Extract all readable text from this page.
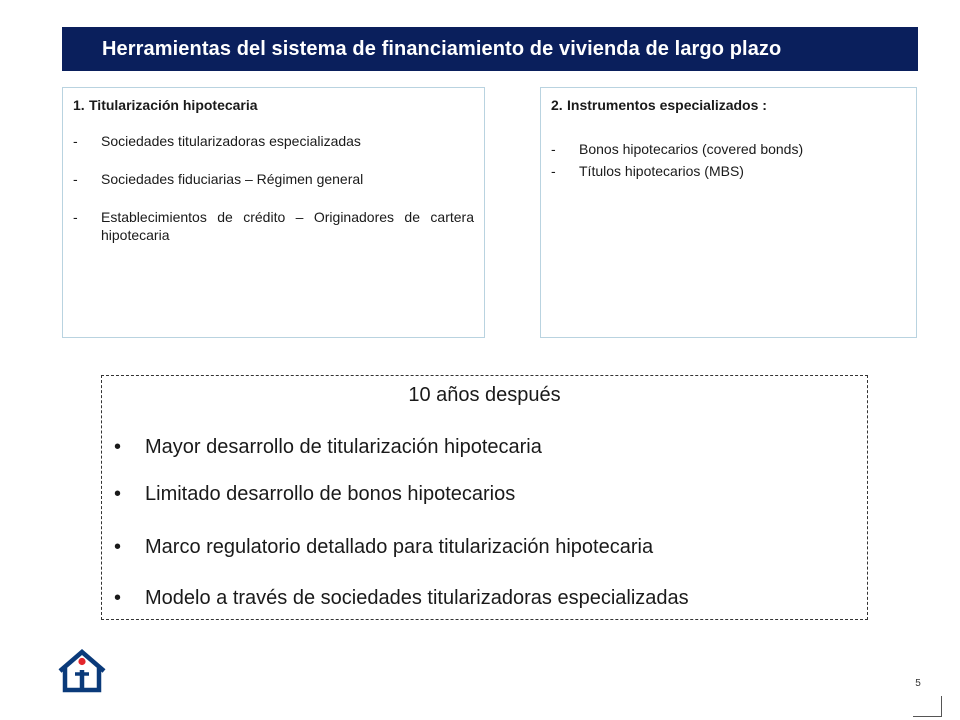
Herramientas del sistema de financiamiento de vivienda de largo plazo
1. Titularización hipotecaria
-	Sociedades titularizadoras especializadas
-	Sociedades fiduciarias – Régimen general
-	Establecimientos de crédito – Originadores de cartera hipotecaria
2. Instrumentos especializados :
-	Bonos hipotecarios (covered bonds)
-	Títulos hipotecarios (MBS)
10 años después
•	Mayor desarrollo de titularización hipotecaria
•	Limitado desarrollo de bonos hipotecarios
•	Marco regulatorio detallado para titularización hipotecaria
•	Modelo a través de sociedades titularizadoras especializadas
5
